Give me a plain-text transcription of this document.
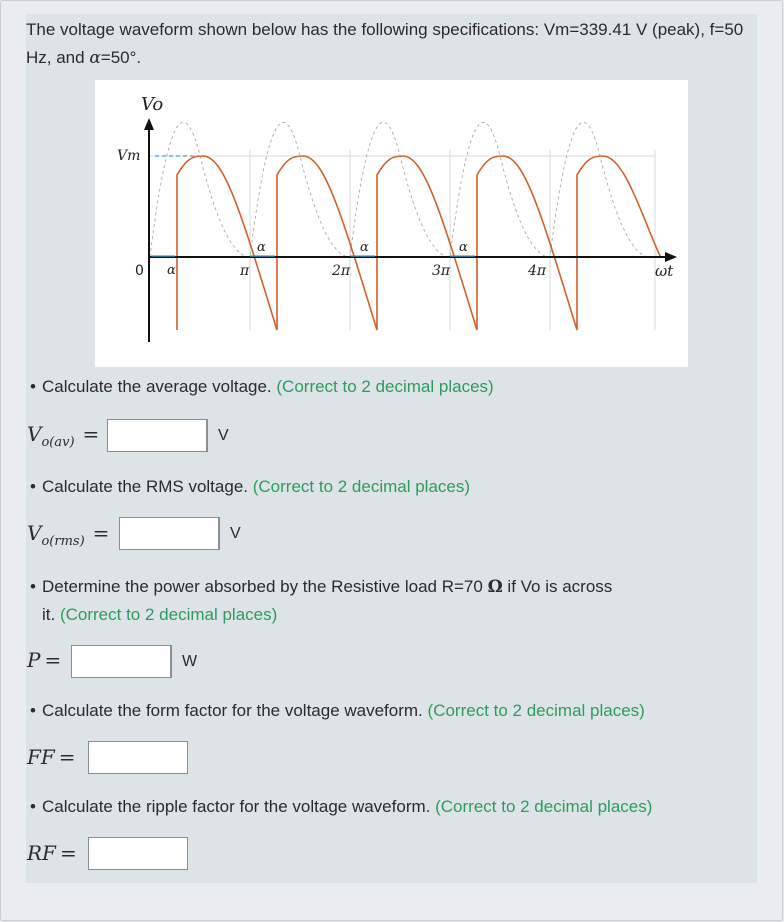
The voltage waveform shown below has the following specifications: Vm=339.41 V (peak), f=50 Hz, and α=50°.
Vo
Vm
0 α
α	α	α
π	2π	3π	4π	ωt
• Calculate the average voltage. (Correct to 2 decimal places)
$V_{o(av)}$ =	V
• Calculate the RMS voltage. (Correct to 2 decimal places)
$V_{o(rms)}$ =	V
• Determine the power absorbed by the Resistive load R=70 Ω if Vo is across
it. (Correct to 2 decimal places)
P =	W
• Calculate the form factor for the voltage waveform. (Correct to 2 decimal places)
FF =
• Calculate the ripple factor for the voltage waveform. (Correct to 2 decimal places)
RF =
